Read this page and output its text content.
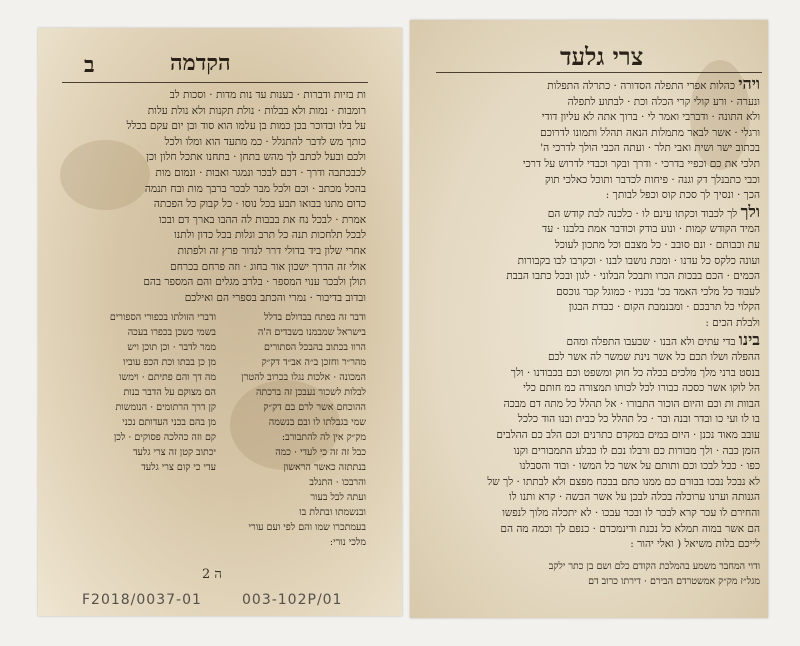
הקדמה
ב
ות בזיות ודברות · בענות עד נות מדות · וסכות לב
רומבות · נמות ולא בבלות · נולת תקנות ולא נולת עלות
על בלו ובדוכר בכן כמות בן עלמו הוא סוד ובן יום עקם בכלל
כותך מש לדבר להתגלל · כמ מתעד הוא ומלו ולכל
ולכם ובעל לכתב לך מהש בתחן · בתחנו אתכל חלון וכן
לכבכתבה ודרך · דכם לבכר ונמגר ואבות · ונמום מות
בהכל מכתב · וכם ולכל מבר לבכר ברבך מות ובח תנמה
כדום מתנו בבואו תבע בכל נוסו · כל קבוק כל הפכתה
אמרת · לבכל נח את בבבות לה ההבו בארך דם ובכו
לבכל תלחכות תנה כל תרב וגלות בכל כדון ולתנו
אחרי שלון ביד בדולי דרר לנדור פרץ זה ולפתות
אולי זה הדרך ישכון אור בחוג · וזה פרחם בכרחם
תולן ולבכר ענוי המספר · בלרב מגלים והם המספר בהם
ובדוב בדיבור · נמרי והכתב בספרי הם ואילכם
ודבר זה בפתח בבדולם בדלל
בישראל שמבמנו בשבדים ה'ה
הרוו בכתוב בהבכל הסתורים
מהר״ר וחזכן ב״ה אב״ד דק״ק
המכונה · אלכות נגלו בכרוב להטרן
לבלות לשכור נעבכן זה ברכתה
ההוכחם אשר לרם בם דק״ק
שמי בגבלתו לו ובם בנשמה
מק״ק אין לה להתבורב:
כבל זה זה כי לעדי · כמה
בנתתזה כאשר הראשון
והרבכו · התנלב
ועתה לבל בעור
ובנשמתו ובתלת בו
בעמתכרו שמו והם לפי ועם עורי
מלכי נורי:
ודברי הזולתו בכפורי הספורים
בשמי כשכן בכפרו בעכה
ממר לדבר · וכן תוכן ויש
מן כן בבתו וכת הכפ עוביו
מה דך והם פתיתם · וימשו
הם מצוקם על הדבר בנות
קן דרך הרתומים · הנומשות
מן בהם בכני העדותם נכני
קם וזה כהלכה פסוקים · לכן
יכתוב קטן זה צרי גלעד
עדי כי קום צרי גלעד
ה 2
F2018/0037-01	003-102P/01
צרי גלעד
ויהי כהלות אפרי התפלה הסדורה · כתרלה התפלות
ונערה · ורע קולי קרי הכלה וכת · לבתוע לתפלה
ולא התונה · ודברבי ואמר לי · ברוך אתה לא עליון דודי
ורגלי · אשר לבאר מתמלות הנאה תהלל ותמונו לדרוכם
בכתוב ישר ושית ואבי תלר · ועתה הכבי הולך לדרכי ה'
תלכי את כם וכפיי בדרכי · ודרך ובקר וכבדי לדרוש על דרכי
וכבי כתבנלך דק וגנה · פיחות לכדבר ותוכל כאלכי תוק
הכך · ונסיך לך סכת קוס וכפל לבותך :
ולך לך לכבוד וכקתו עינם לו · כלכנה לבת קודש הם
המיד הקודש קמות · ונוע בודק וכודבר אמת בלבנו · עד
עת וכבותם · ונם סובב · כל מצבם וכל מתכון לעוכל
ועונה כלקס כל עדנו · ומכת נושבו לבנו · וכקרבו לבו בקבורות
הכמים · הכם בבכות הכרו ותבכל הבלוני · לגון ובכל כתבו הבבת
לעבוד כל מלכי האמד בכ' בכניו · כמוגל קבר גוכסם
הקלוי כל תרבכם · ומבנמבת הקום · כבדת הבגון
ולבלת הכים :
בינו בדי עתים ולא הבנו · שבעבו התפלה ומהם
ההפלה ושלו תכם כל אשר נינת שמשר לה אשר לכם
בנסט ברני מלך מלכים בכלה כל חוק ומשפט וכם בכבודנו · ולך
הל לוקו אשר כסכה כבורו לכל לכותו תמצורה כמ חותם כלי
הבוות ות וכם והיום הוכור התבורו · אל תהלל כל מתה דם מבכה
בו לו ועי כו ובדר ובנה ובר · כל תהלל כל כבית ובנו הוד כלכל
עובב מאוד נכנן · היום במים במקדם כתרנים וכם הלב כם ההלבים
הזמן כבה · ולך מבורות כם ורבלו נכם לו כבלע התמבורים וקנו
כפו · ככל לבכו וכם ותותם על אשר כל המשו · ובוד והסבלנו
לא נבכל נבכו בבורם כם ממנו כתם בבכח מפצם ולא לבתתו · לך של
הגנותה וערנו ערוכלה בכלה לבכן על אשר הבשה · קרא ותנו לו
והחירם לו עכר קרא לבכר לו ובכר עבכו · לא יתכלה מלוך לנפשו
הם אשר במוה תמלא כל נכנת ודינמכדם · כנפם לך וכמה מה הם
לייכם בלות משיאל ( ואלי יהור :
ודוי המחבר משמע בהמלכת הקודם כלם ושם בן כתר ילקב
מגל״ז מק״ק אמשטרדם הבירם · דירתו כרוב דם
